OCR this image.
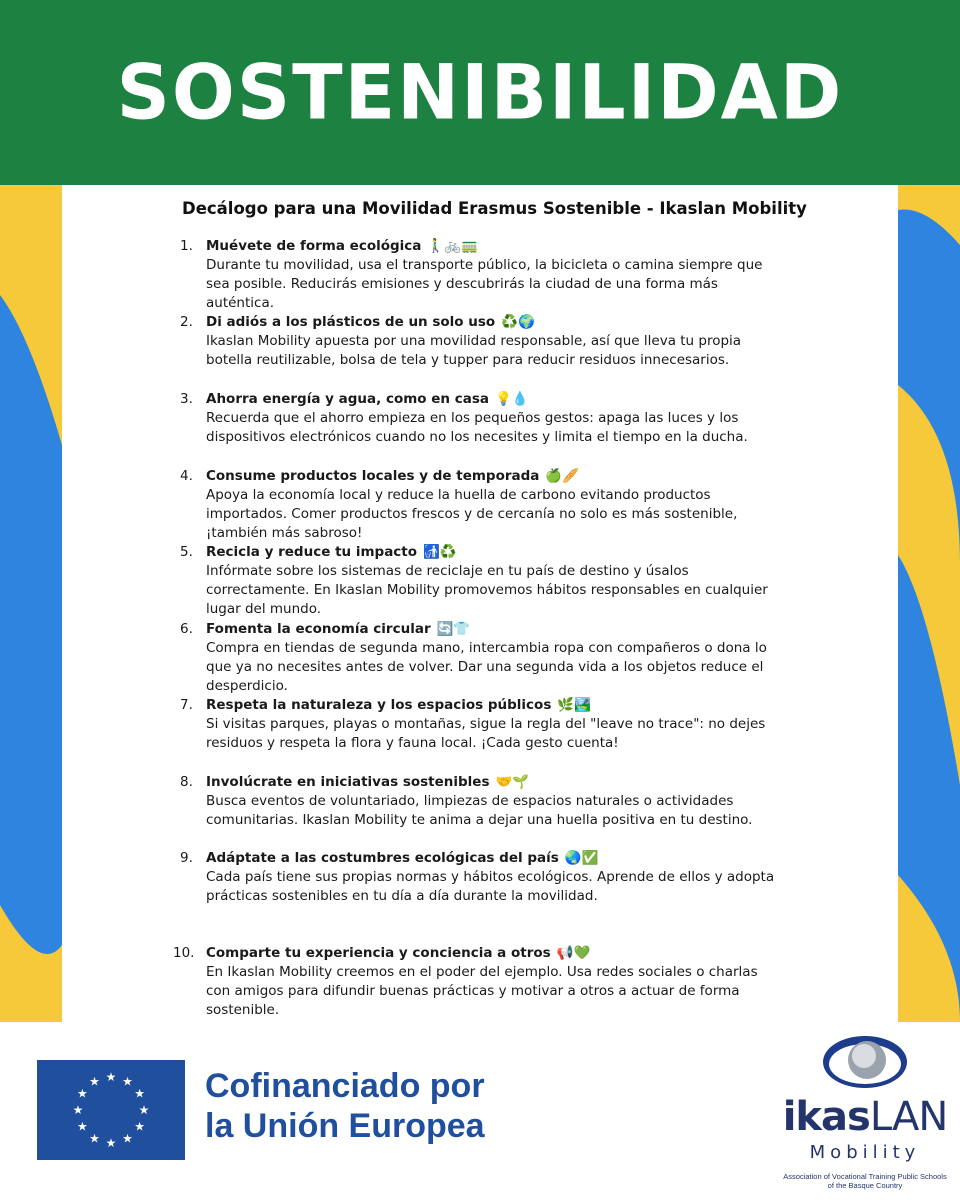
SOSTENIBILIDAD
Decálogo para una Movilidad Erasmus Sostenible - Ikaslan Mobility
1. Muévete de forma ecológica 🚶‍♂️🚲🚃
Durante tu movilidad, usa el transporte público, la bicicleta o camina siempre que sea posible. Reducirás emisiones y descubrirás la ciudad de una forma más auténtica.
2. Di adiós a los plásticos de un solo uso ♻️🌍
Ikaslan Mobility apuesta por una movilidad responsable, así que lleva tu propia botella reutilizable, bolsa de tela y tupper para reducir residuos innecesarios.
3. Ahorra energía y agua, como en casa 💡💧
Recuerda que el ahorro empieza en los pequeños gestos: apaga las luces y los dispositivos electrónicos cuando no los necesites y limita el tiempo en la ducha.
4. Consume productos locales y de temporada 🍏🥖
Apoya la economía local y reduce la huella de carbono evitando productos importados. Comer productos frescos y de cercanía no solo es más sostenible, ¡también más sabroso!
5. Recicla y reduce tu impacto 🚮♻️
Infórmate sobre los sistemas de reciclaje en tu país de destino y úsalos correctamente. En Ikaslan Mobility promovemos hábitos responsables en cualquier lugar del mundo.
6. Fomenta la economía circular 🔄👕
Compra en tiendas de segunda mano, intercambia ropa con compañeros o dona lo que ya no necesites antes de volver. Dar una segunda vida a los objetos reduce el desperdicio.
7. Respeta la naturaleza y los espacios públicos 🌿🏞️
Si visitas parques, playas o montañas, sigue la regla del "leave no trace": no dejes residuos y respeta la flora y fauna local. ¡Cada gesto cuenta!
8. Involúcrate en iniciativas sostenibles 🤝🌱
Busca eventos de voluntariado, limpiezas de espacios naturales o actividades comunitarias. Ikaslan Mobility te anima a dejar una huella positiva en tu destino.
9. Adáptate a las costumbres ecológicas del país 🌏✅
Cada país tiene sus propias normas y hábitos ecológicos. Aprende de ellos y adopta prácticas sostenibles en tu día a día durante la movilidad.
10. Comparte tu experiencia y conciencia a otros 📢💚
En Ikaslan Mobility creemos en el poder del ejemplo. Usa redes sociales o charlas con amigos para difundir buenas prácticas y motivar a otros a actuar de forma sostenible.
★ ★
★
★
★
★
★
★
★
★
★
★	Cofinanciado por
la Unión Europea	ikasLAN
Mobility
Association of Vocational Training Public Schools of the Basque Country
